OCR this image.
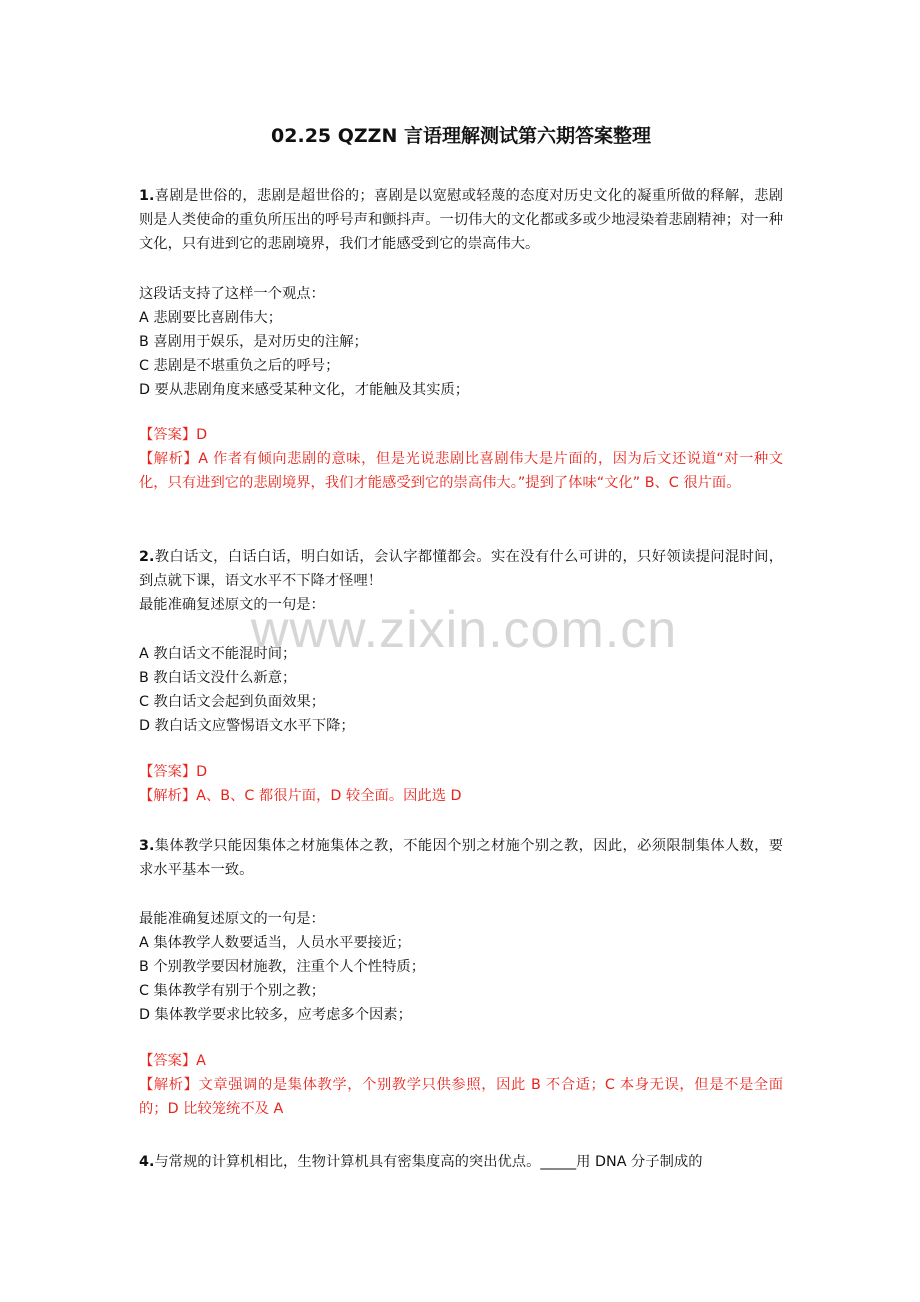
02.25 QZZN 言语理解测试第六期答案整理

1.喜剧是世俗的，悲剧是超世俗的；喜剧是以宽慰或轻蔑的态度对历史文化的凝重所做的释解，悲剧则是人类使命的重负所压出的呼号声和颤抖声。一切伟大的文化都或多或少地浸染着悲剧精神；对一种文化，只有进到它的悲剧境界，我们才能感受到它的崇高伟大。

这段话支持了这样一个观点：

A 悲剧要比喜剧伟大；

B 喜剧用于娱乐，是对历史的注解；

C 悲剧是不堪重负之后的呼号；

D 要从悲剧角度来感受某种文化，才能触及其实质；

【答案】D

【解析】A 作者有倾向悲剧的意味，但是光说悲剧比喜剧伟大是片面的，因为后文还说道“对一种文化，只有进到它的悲剧境界，我们才能感受到它的崇高伟大。”提到了体味“文化” B、C 很片面。

2.教白话文，白话白话，明白如话，会认字都懂都会。实在没有什么可讲的，只好领读提问混时间，到点就下课，语文水平不下降才怪哩！

最能准确复述原文的一句是：

A 教白话文不能混时间；

B 教白话文没什么新意；

C 教白话文会起到负面效果；

D 教白话文应警惕语文水平下降；

【答案】D

【解析】A、B、C 都很片面，D 较全面。因此选 D

3.集体教学只能因集体之材施集体之教，不能因个别之材施个别之教，因此，必须限制集体人数，要求水平基本一致。

最能准确复述原文的一句是：

A 集体教学人数要适当，人员水平要接近；

B 个别教学要因材施教，注重个人个性特质；

C 集体教学有别于个别之教；

D 集体教学要求比较多，应考虑多个因素；

【答案】A

【解析】文章强调的是集体教学，个别教学只供参照，因此 B 不合适；C 本身无误，但是不是全面的；D 比较笼统不及 A

4.与常规的计算机相比，生物计算机具有密集度高的突出优点。_____用 DNA 分子制成的

www.zixin.com.cn
